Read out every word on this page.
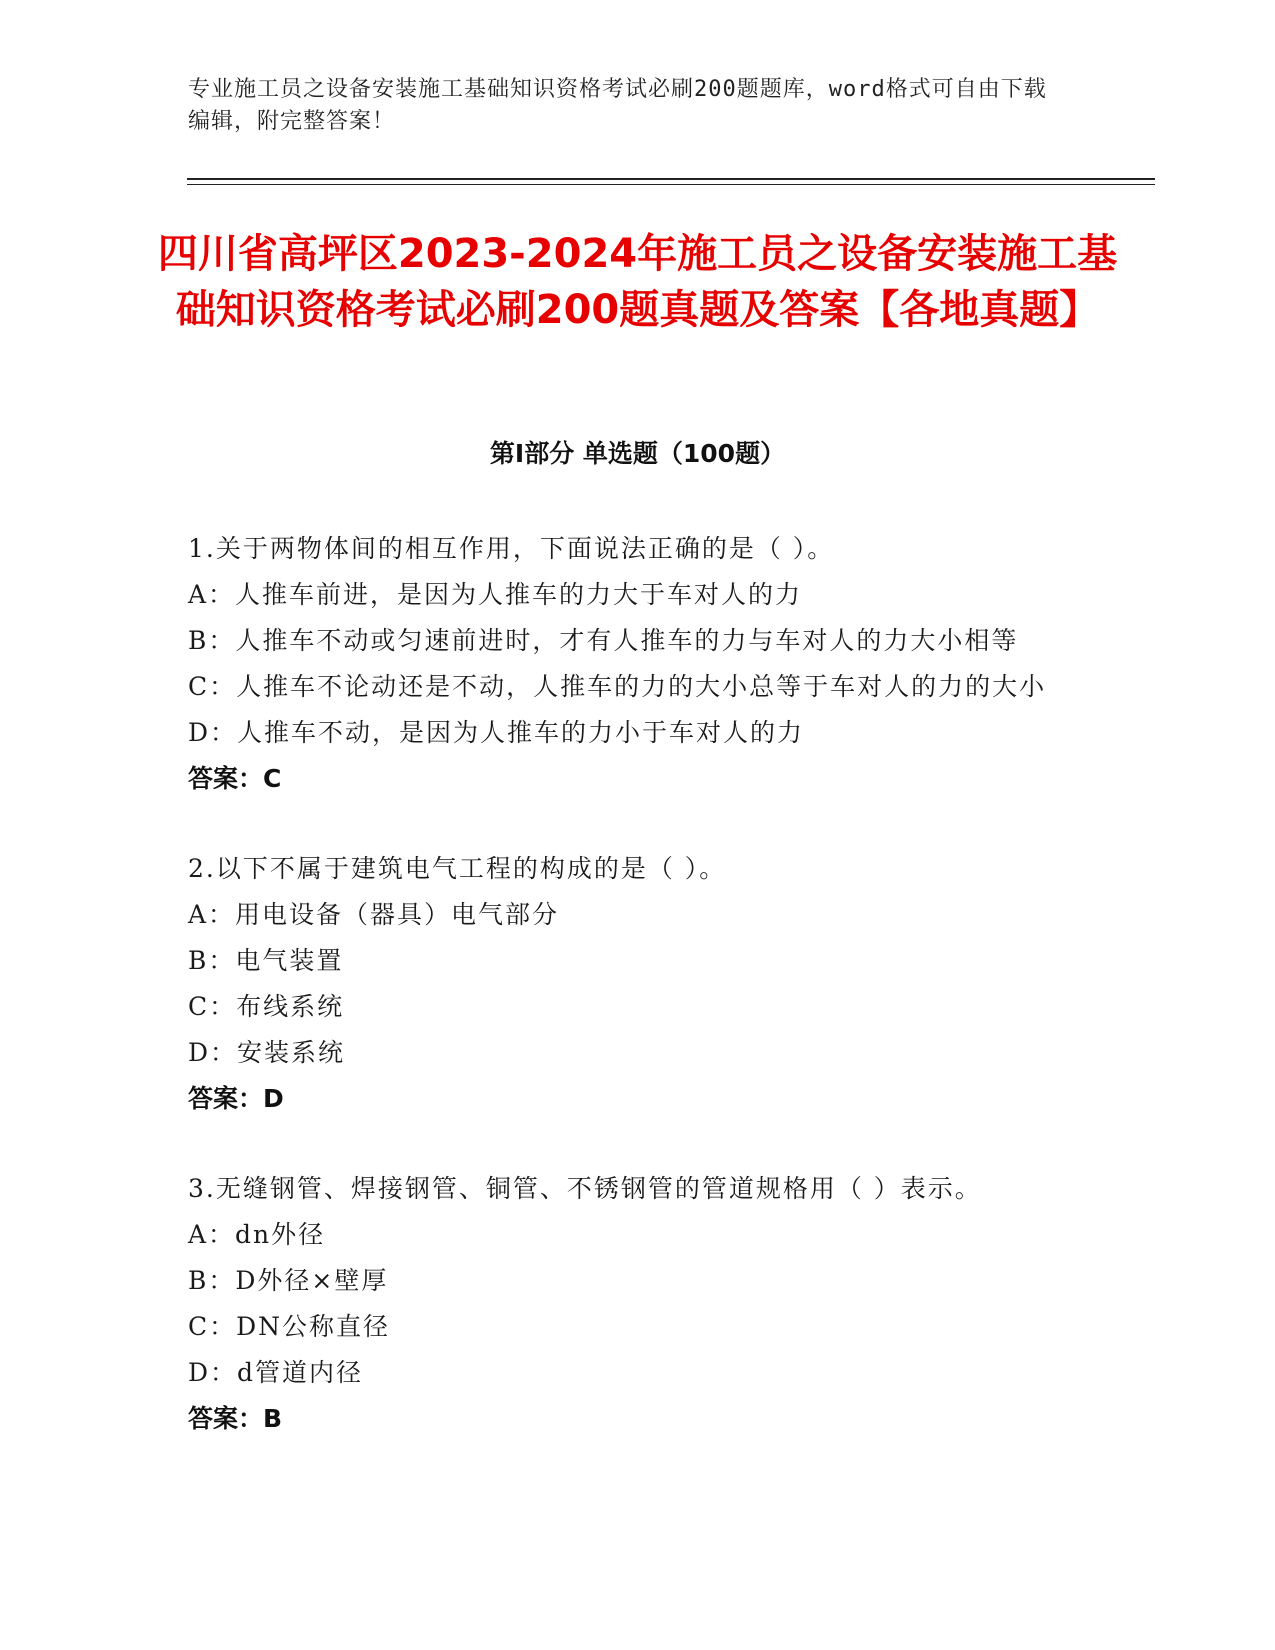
专业施工员之设备安装施工基础知识资格考试必刷200题题库，word格式可自由下载编辑，附完整答案！
四川省高坪区2023-2024年施工员之设备安装施工基础知识资格考试必刷200题真题及答案【各地真题】
第I部分 单选题（100题）
1.关于两物体间的相互作用，下面说法正确的是（ ）。
A：人推车前进，是因为人推车的力大于车对人的力
B：人推车不动或匀速前进时，才有人推车的力与车对人的力大小相等
C：人推车不论动还是不动，人推车的力的大小总等于车对人的力的大小
D：人推车不动，是因为人推车的力小于车对人的力
答案：C
2.以下不属于建筑电气工程的构成的是（ ）。
A：用电设备（器具）电气部分
B：电气装置
C：布线系统
D：安装系统
答案：D
3.无缝钢管、焊接钢管、铜管、不锈钢管的管道规格用（ ）表示。
A：dn外径
B：D外径×壁厚
C：DN公称直径
D：d管道内径
答案：B
